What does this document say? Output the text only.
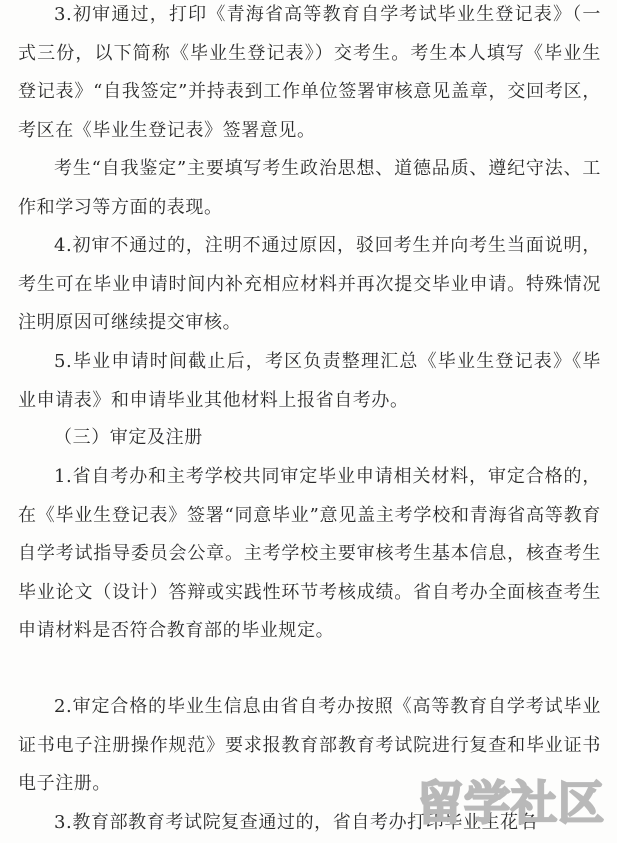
3.初审通过，打印《青海省高等教育自学考试毕业生登记表》（一式三份，以下简称《毕业生登记表》）交考生。考生本人填写《毕业生登记表》“自我签定”并持表到工作单位签署审核意见盖章，交回考区，考区在《毕业生登记表》签署意见。

考生“自我鉴定”主要填写考生政治思想、道德品质、遵纪守法、工作和学习等方面的表现。

4.初审不通过的，注明不通过原因，驳回考生并向考生当面说明，考生可在毕业申请时间内补充相应材料并再次提交毕业申请。特殊情况注明原因可继续提交审核。

5.毕业申请时间截止后，考区负责整理汇总《毕业生登记表》《毕业申请表》和申请毕业其他材料上报省自考办。

（三）审定及注册

1.省自考办和主考学校共同审定毕业申请相关材料，审定合格的，在《毕业生登记表》签署“同意毕业”意见盖主考学校和青海省高等教育自学考试指导委员会公章。主考学校主要审核考生基本信息，核查考生毕业论文（设计）答辩或实践性环节考核成绩。省自考办全面核查考生申请材料是否符合教育部的毕业规定。

2.审定合格的毕业生信息由省自考办按照《高等教育自学考试毕业证书电子注册操作规范》要求报教育部教育考试院进行复查和毕业证书电子注册。

3.教育部教育考试院复查通过的，省自考办打印毕业生花名

留学社区
